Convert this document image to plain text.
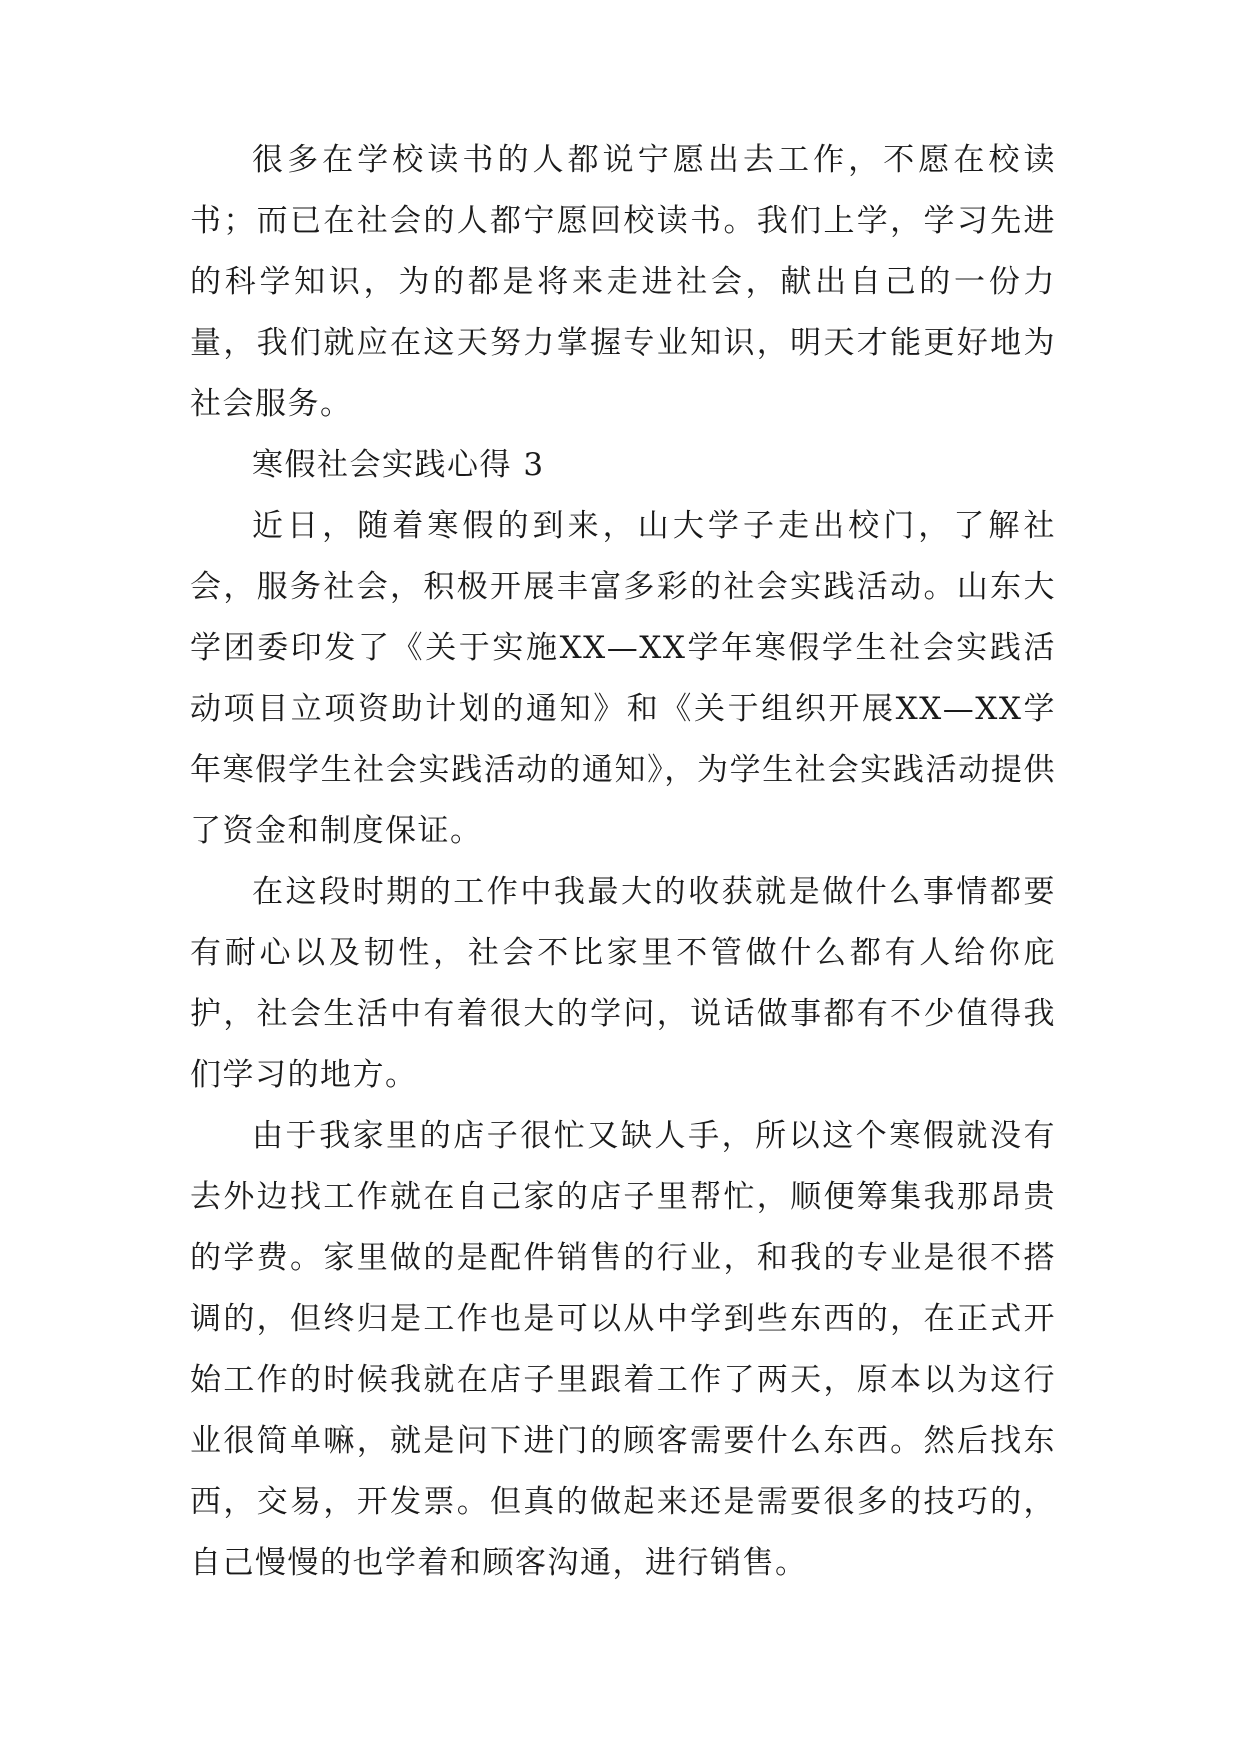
很多在学校读书的人都说宁愿出去工作，不愿在校读书；而已在社会的人都宁愿回校读书。我们上学，学习先进的科学知识，为的都是将来走进社会，献出自己的一份力量，我们就应在这天努力掌握专业知识，明天才能更好地为社会服务。

寒假社会实践心得 3

近日，随着寒假的到来，山大学子走出校门，了解社会，服务社会，积极开展丰富多彩的社会实践活动。山东大学团委印发了《关于实施XX—XX学年寒假学生社会实践活动项目立项资助计划的通知》和《关于组织开展XX—XX学年寒假学生社会实践活动的通知》，为学生社会实践活动提供了资金和制度保证。

在这段时期的工作中我最大的收获就是做什么事情都要有耐心以及韧性，社会不比家里不管做什么都有人给你庇护，社会生活中有着很大的学问，说话做事都有不少值得我们学习的地方。

由于我家里的店子很忙又缺人手，所以这个寒假就没有去外边找工作就在自己家的店子里帮忙，顺便筹集我那昂贵的学费。家里做的是配件销售的行业，和我的专业是很不搭调的，但终归是工作也是可以从中学到些东西的，在正式开始工作的时候我就在店子里跟着工作了两天，原本以为这行业很简单嘛，就是问下进门的顾客需要什么东西。然后找东西，交易，开发票。但真的做起来还是需要很多的技巧的，自己慢慢的也学着和顾客沟通，进行销售。
